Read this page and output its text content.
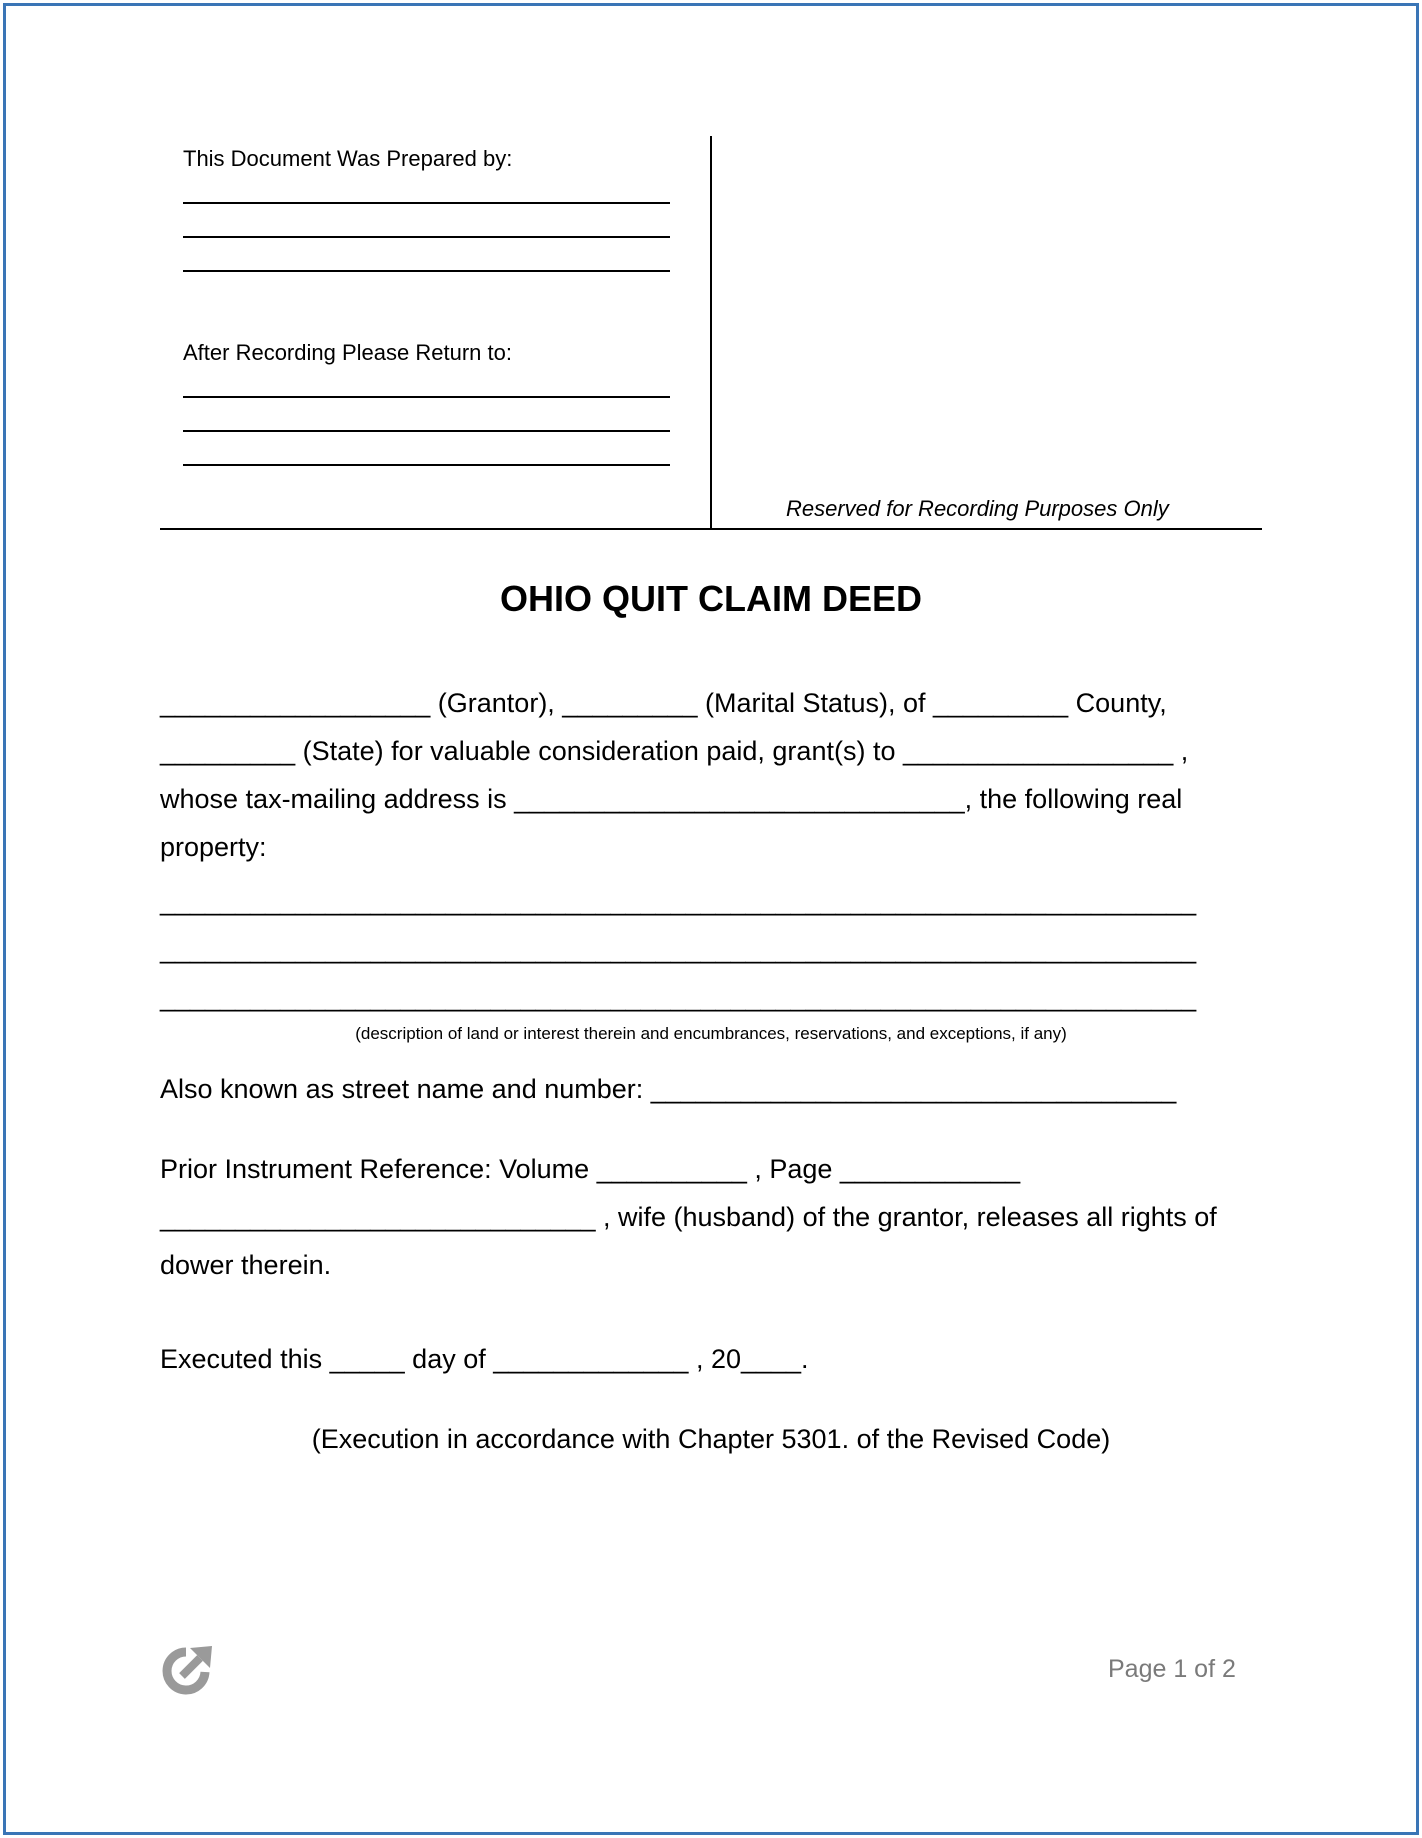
This Document Was Prepared by:
After Recording Please Return to:
Reserved for Recording Purposes Only
OHIO QUIT CLAIM DEED
__________________ (Grantor), _________ (Marital Status), of _________ County,
_________ (State) for valuable consideration paid, grant(s) to __________________ ,
whose tax-mailing address is ______________________________, the following real
property:
_____________________________________________________________________
_____________________________________________________________________
_____________________________________________________________________
(description of land or interest therein and encumbrances, reservations, and exceptions, if any)
Also known as street name and number: ___________________________________
Prior Instrument Reference: Volume __________ , Page ____________
_____________________________ , wife (husband) of the grantor, releases all rights of
dower therein.
Executed this _____ day of _____________ , 20____.
(Execution in accordance with Chapter 5301. of the Revised Code)
Page 1 of 2
